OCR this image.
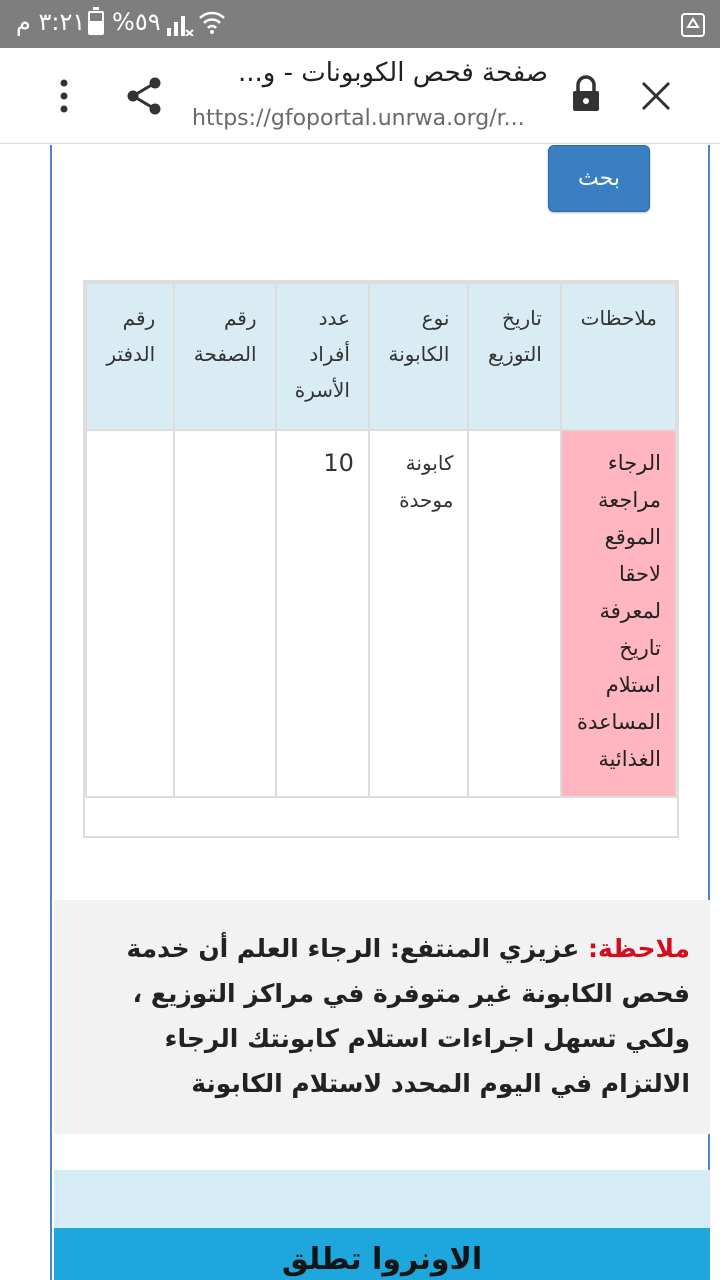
٣:٢١ م %٥٩
صفحة فحص الكوبونات - و...
https://gfoportal.unrwa.org/r...
بحث
ملاحظات	تاريخ التوزيع	نوع الكابونة	عدد أفراد الأسرة	رقم الصفحة	رقم الدفتر
الرجاء مراجعة الموقع لاحقا لمعرفة تاريخ استلام المساعدة الغذائية		كابونة موحدة	10		
ملاحظة: عزيزي المنتفع: الرجاء العلم أن خدمة فحص الكابونة غير متوفرة في مراكز التوزيع ، ولكي تسهل اجراءات استلام كابونتك الرجاء الالتزام في اليوم المحدد لاستلام الكابونة
الاونروا تطلق
